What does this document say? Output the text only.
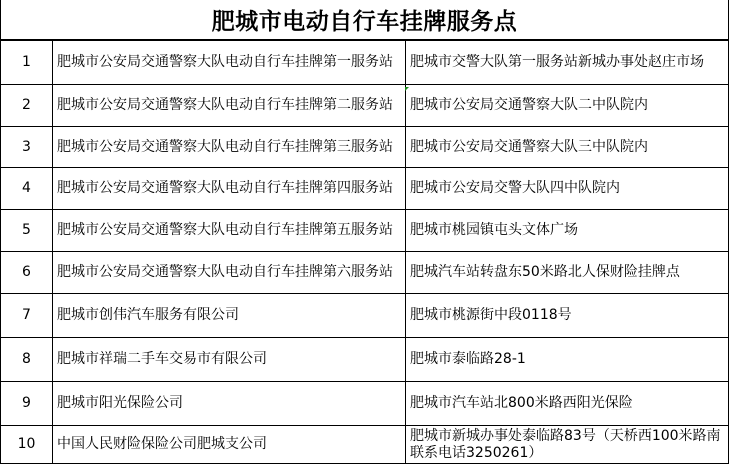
肥城市电动自行车挂牌服务点
1	肥城市公安局交通警察大队电动自行车挂牌第一服务站	肥城市交警大队第一服务站新城办事处赵庄市场
2	肥城市公安局交通警察大队电动自行车挂牌第二服务站	肥城市公安局交通警察大队二中队院内
3	肥城市公安局交通警察大队电动自行车挂牌第三服务站	肥城市公安局交通警察大队三中队院内
4	肥城市公安局交通警察大队电动自行车挂牌第四服务站	肥城市公安局交警大队四中队院内
5	肥城市公安局交通警察大队电动自行车挂牌第五服务站	肥城市桃园镇屯头文体广场
6	肥城市公安局交通警察大队电动自行车挂牌第六服务站	肥城汽车站转盘东50米路北人保财险挂牌点
7	肥城市创伟汽车服务有限公司	肥城市桃源街中段0118号
8	肥城市祥瑞二手车交易市有限公司	肥城市泰临路28-1
9	肥城市阳光保险公司	肥城市汽车站北800米路西阳光保险
10	中国人民财险保险公司肥城支公司	肥城市新城办事处泰临路83号（天桥西100米路南联系电话3250261）
